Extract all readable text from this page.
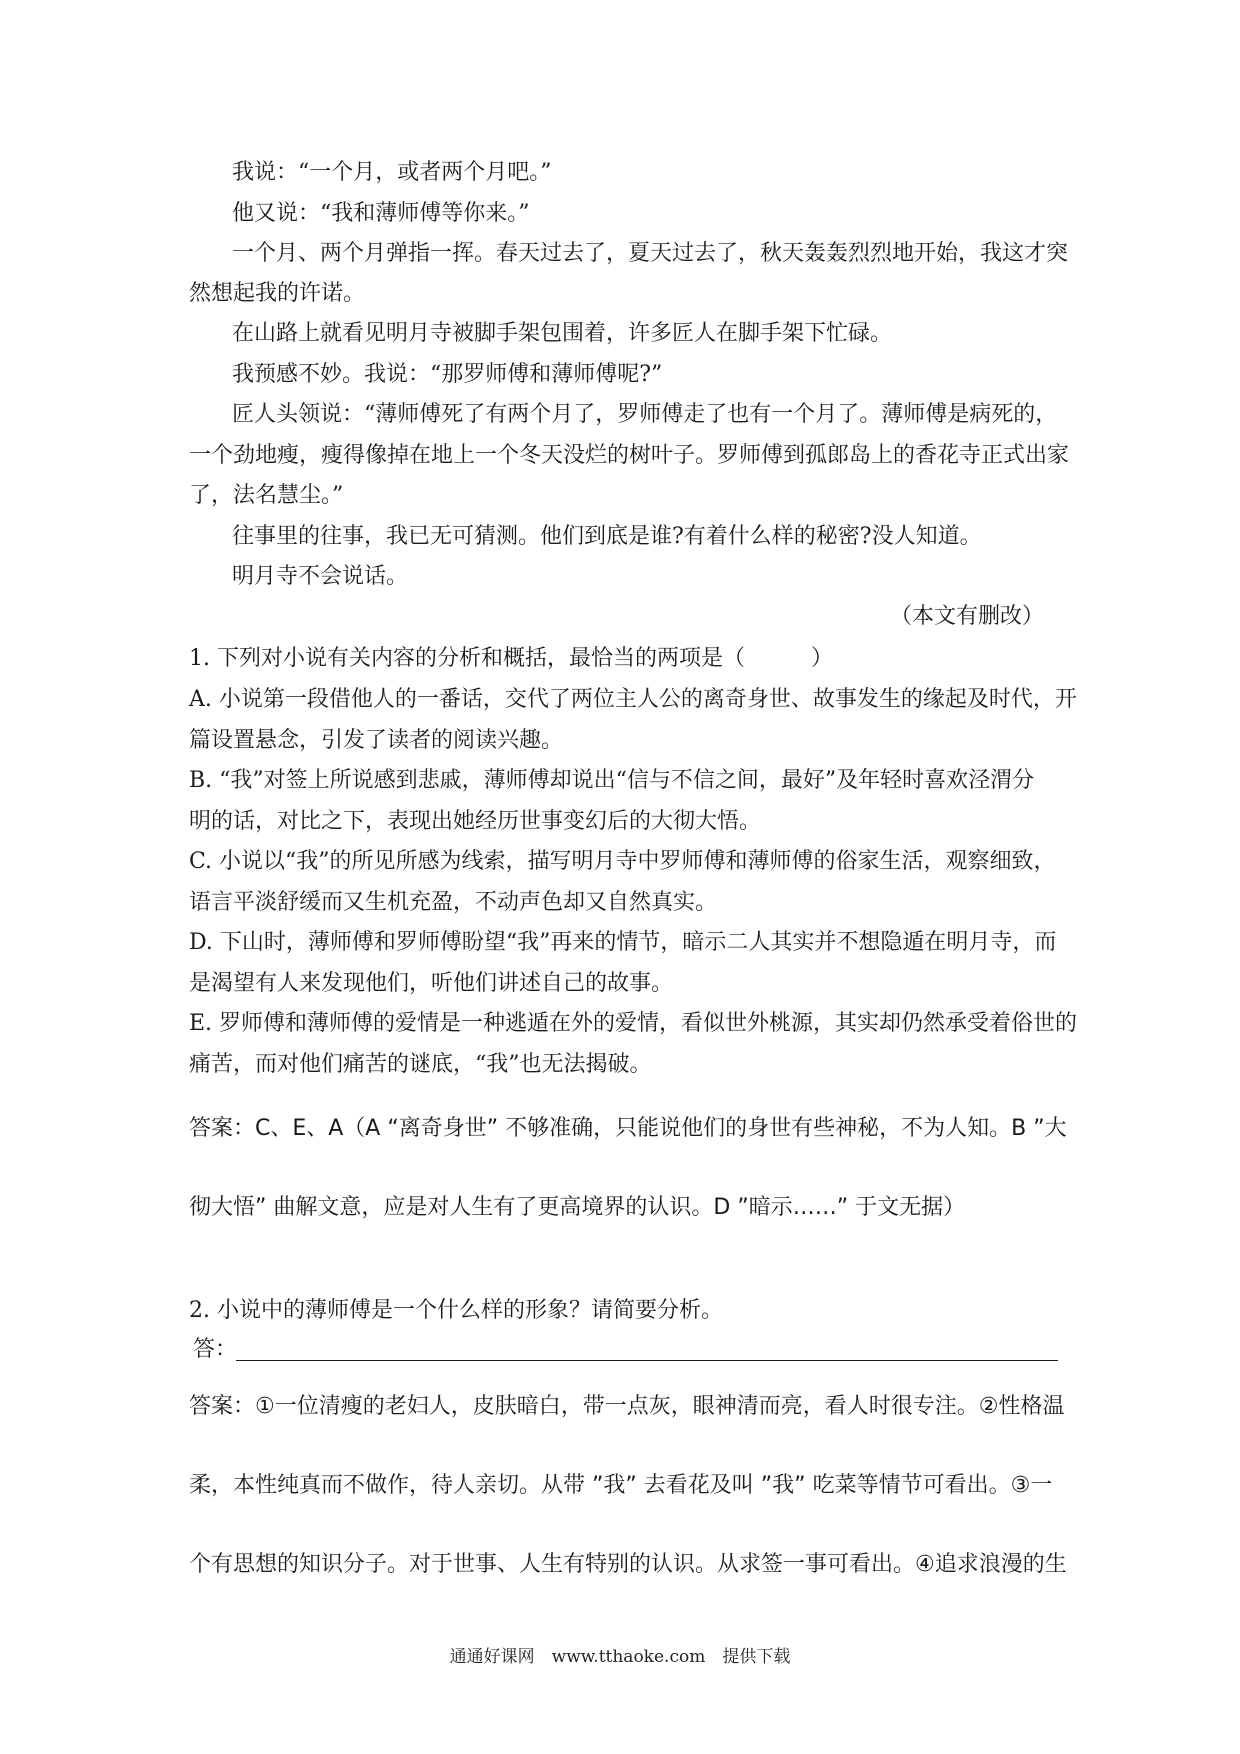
我说：“一个月，或者两个月吧。”
他又说：“我和薄师傅等你来。”
一个月、两个月弹指一挥。春天过去了，夏天过去了，秋天轰轰烈烈地开始，我这才突
然想起我的许诺。
在山路上就看见明月寺被脚手架包围着，许多匠人在脚手架下忙碌。
我预感不妙。我说：“那罗师傅和薄师傅呢?”
匠人头领说：“薄师傅死了有两个月了，罗师傅走了也有一个月了。薄师傅是病死的，
一个劲地瘦，瘦得像掉在地上一个冬天没烂的树叶子。罗师傅到孤郎岛上的香花寺正式出家
了，法名慧尘。”
往事里的往事，我已无可猜测。他们到底是谁?有着什么样的秘密?没人知道。
明月寺不会说话。
（本文有删改）
1. 下列对小说有关内容的分析和概括，最恰当的两项是（　　　）
A. 小说第一段借他人的一番话，交代了两位主人公的离奇身世、故事发生的缘起及时代，开
篇设置悬念，引发了读者的阅读兴趣。
B. “我”对签上所说感到悲戚，薄师傅却说出“信与不信之间，最好”及年轻时喜欢泾渭分
明的话，对比之下，表现出她经历世事变幻后的大彻大悟。
C. 小说以“我”的所见所感为线索，描写明月寺中罗师傅和薄师傅的俗家生活，观察细致，
语言平淡舒缓而又生机充盈，不动声色却又自然真实。
D. 下山时，薄师傅和罗师傅盼望“我”再来的情节，暗示二人其实并不想隐遁在明月寺，而
是渴望有人来发现他们，听他们讲述自己的故事。
E. 罗师傅和薄师傅的爱情是一种逃遁在外的爱情，看似世外桃源，其实却仍然承受着俗世的
痛苦，而对他们痛苦的谜底，“我”也无法揭破。
答案：C、E、A（A “离奇身世” 不够准确，只能说他们的身世有些神秘，不为人知。B ”大
彻大悟” 曲解文意，应是对人生有了更高境界的认识。D ”暗示……” 于文无据）
2. 小说中的薄师傅是一个什么样的形象？请简要分析。
答：
答案：①一位清瘦的老妇人，皮肤暗白，带一点灰，眼神清而亮，看人时很专注。②性格温
柔，本性纯真而不做作，待人亲切。从带 ”我” 去看花及叫 ”我” 吃菜等情节可看出。③一
个有思想的知识分子。对于世事、人生有特别的认识。从求签一事可看出。④追求浪漫的生
通通好课网　www.tthaoke.com　提供下载
